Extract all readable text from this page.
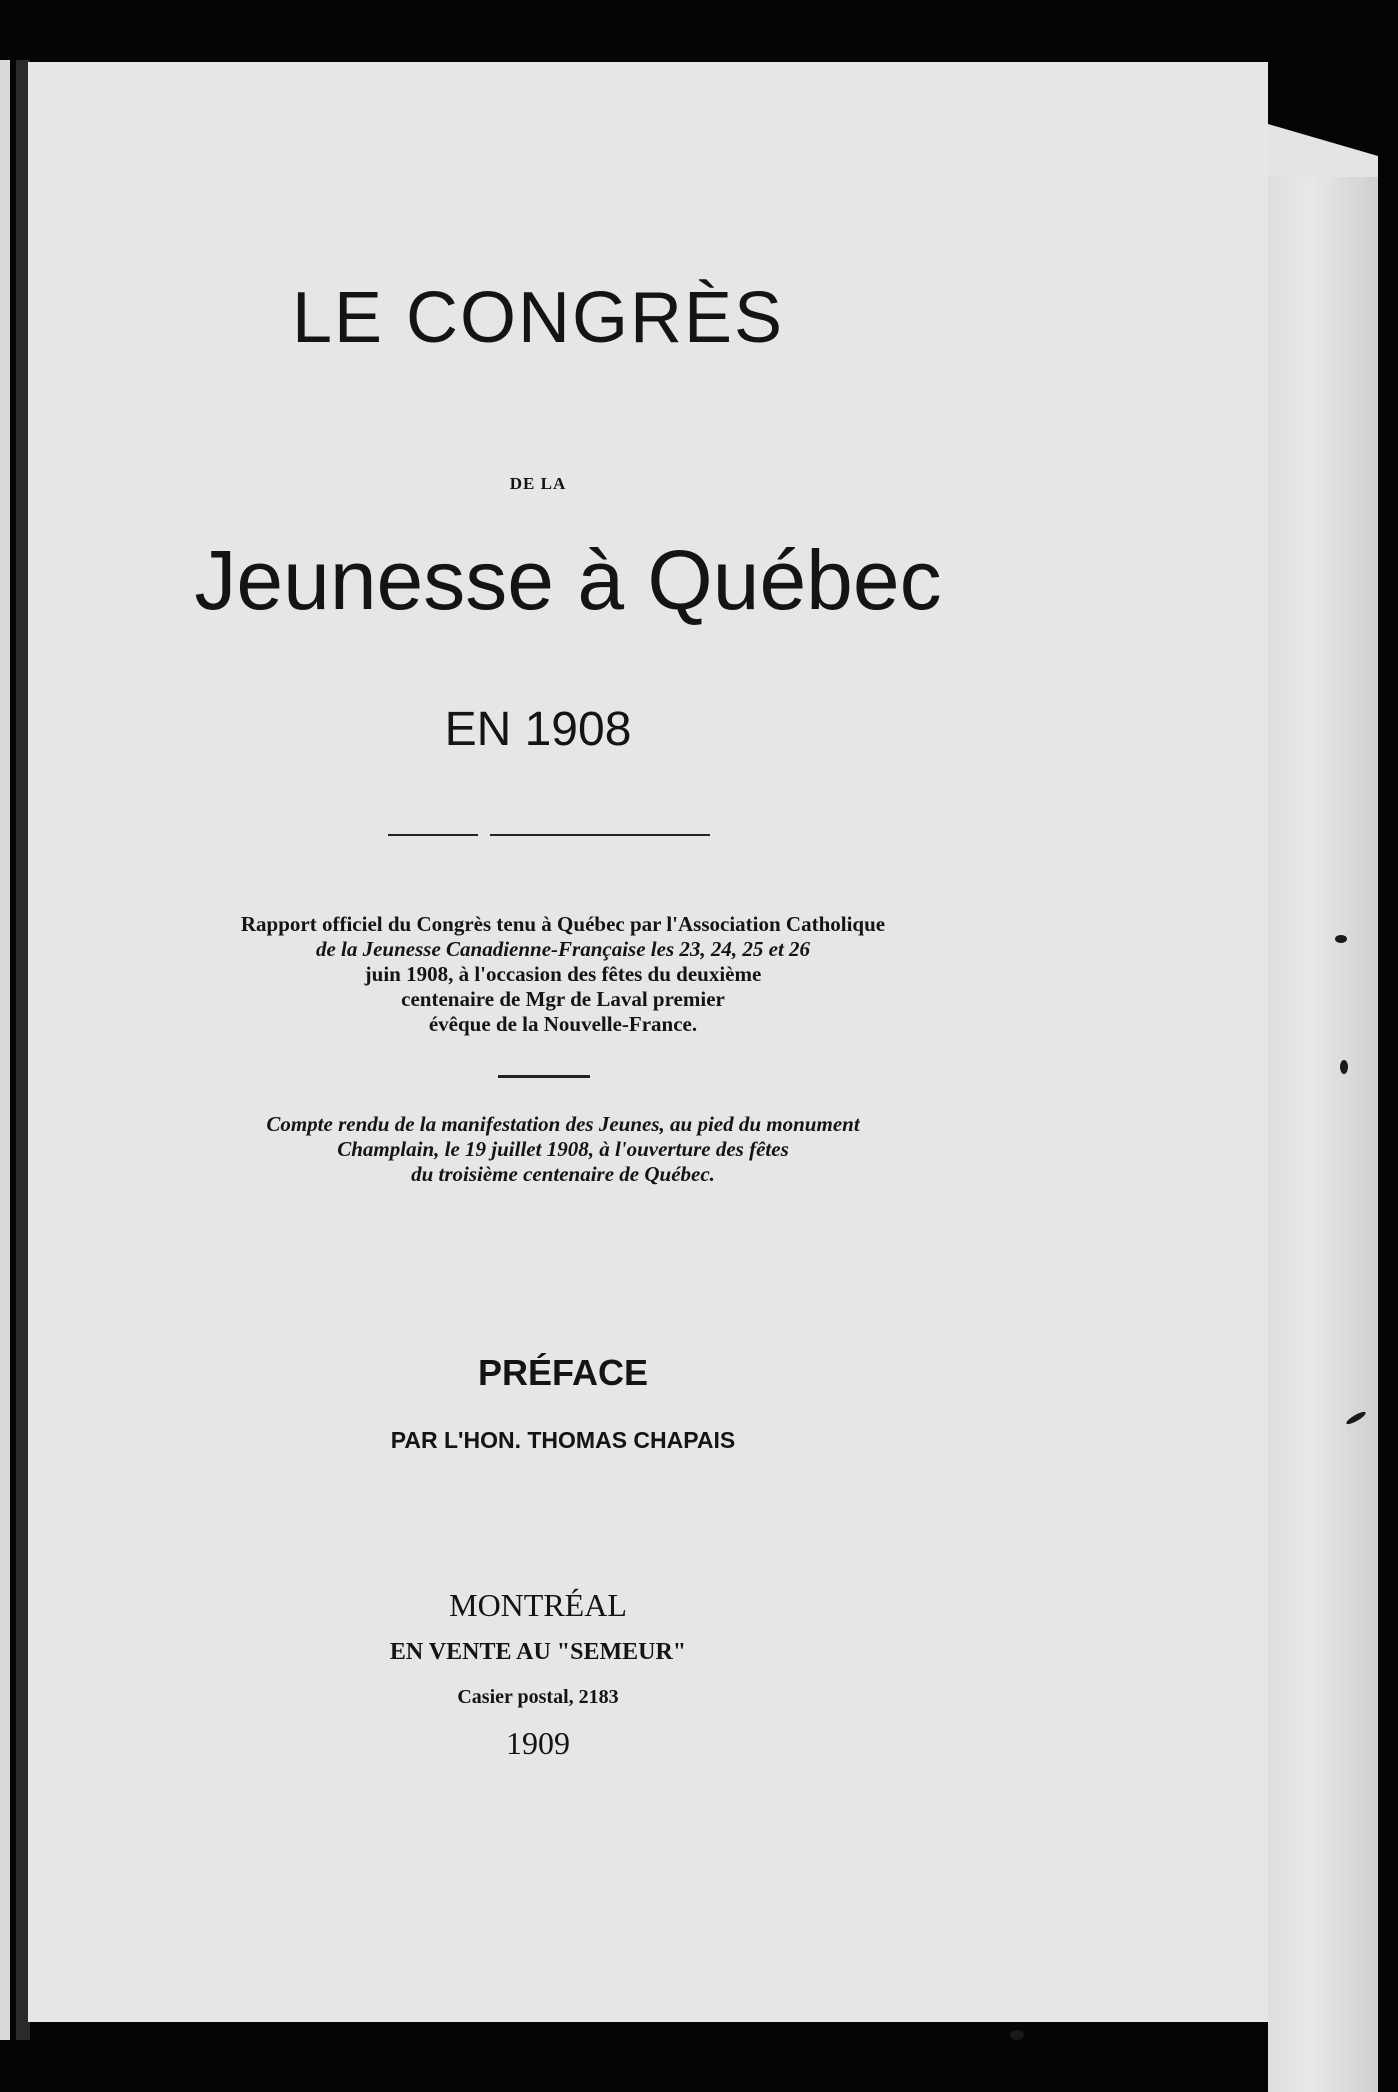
LE CONGRÈS
DE LA
Jeunesse à Québec
EN 1908
Rapport officiel du Congrès tenu à Québec par l'Association Catholique
de la Jeunesse Canadienne-Française les 23, 24, 25 et 26
juin 1908, à l'occasion des fêtes du deuxième
centenaire de Mgr de Laval premier
évêque de la Nouvelle-France.
Compte rendu de la manifestation des Jeunes, au pied du monument
Champlain, le 19 juillet 1908, à l'ouverture des fêtes
du troisième centenaire de Québec.
PRÉFACE
PAR L'HON. THOMAS CHAPAIS
MONTRÉAL
EN VENTE AU "SEMEUR"
Casier postal, 2183
1909
